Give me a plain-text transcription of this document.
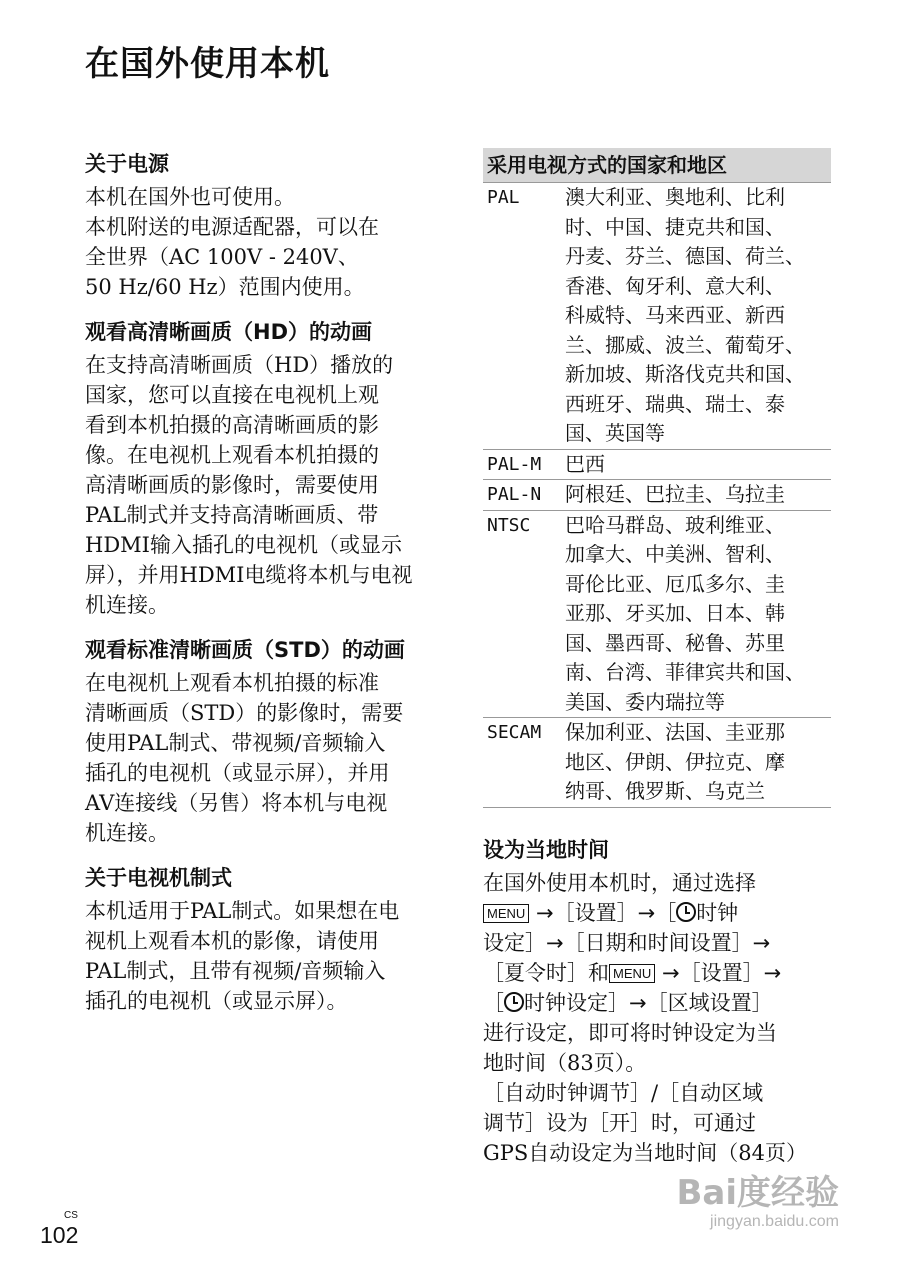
在国外使用本机
关于电源
本机在国外也可使用。
本机附送的电源适配器，可以在
全世界（AC 100V - 240V、
50 Hz/60 Hz）范围内使用。
观看高清晰画质（HD）的动画
在支持高清晰画质（HD）播放的
国家，您可以直接在电视机上观
看到本机拍摄的高清晰画质的影
像。在电视机上观看本机拍摄的
高清晰画质的影像时，需要使用
PAL制式并支持高清晰画质、带
HDMI输入插孔的电视机（或显示
屏），并用HDMI电缆将本机与电视
机连接。
观看标准清晰画质（STD）的动画
在电视机上观看本机拍摄的标准
清晰画质（STD）的影像时，需要
使用PAL制式、带视频/音频输入
插孔的电视机（或显示屏），并用
AV连接线（另售）将本机与电视
机连接。
关于电视机制式
本机适用于PAL制式。如果想在电
视机上观看本机的影像，请使用
PAL制式，且带有视频/音频输入
插孔的电视机（或显示屏）。
采用电视方式的国家和地区
PAL	澳大利亚、奥地利、比利
时、中国、捷克共和国、
丹麦、芬兰、德国、荷兰、
香港、匈牙利、意大利、
科威特、马来西亚、新西
兰、挪威、波兰、葡萄牙、
新加坡、斯洛伐克共和国、
西班牙、瑞典、瑞士、泰
国、英国等
PAL-M	巴西
PAL-N	阿根廷、巴拉圭、乌拉圭
NTSC	巴哈马群岛、玻利维亚、
加拿大、中美洲、智利、
哥伦比亚、厄瓜多尔、圭
亚那、牙买加、日本、韩
国、墨西哥、秘鲁、苏里
南、台湾、菲律宾共和国、
美国、委内瑞拉等
SECAM	保加利亚、法国、圭亚那
地区、伊朗、伊拉克、摩
纳哥、俄罗斯、乌克兰
设为当地时间
在国外使用本机时，通过选择
MENU →［设置］→［ 时钟
设定］→［日期和时间设置］→
［夏令时］和 MENU →［设置］→
［ 时钟设定］→［区域设置］
进行设定，即可将时钟设定为当
地时间（83页）。
［自动时钟调节］/［自动区域
调节］设为［开］时，可通过
GPS自动设定为当地时间（84页）
CS
102
Bai度经验
jingyan.baidu.com
